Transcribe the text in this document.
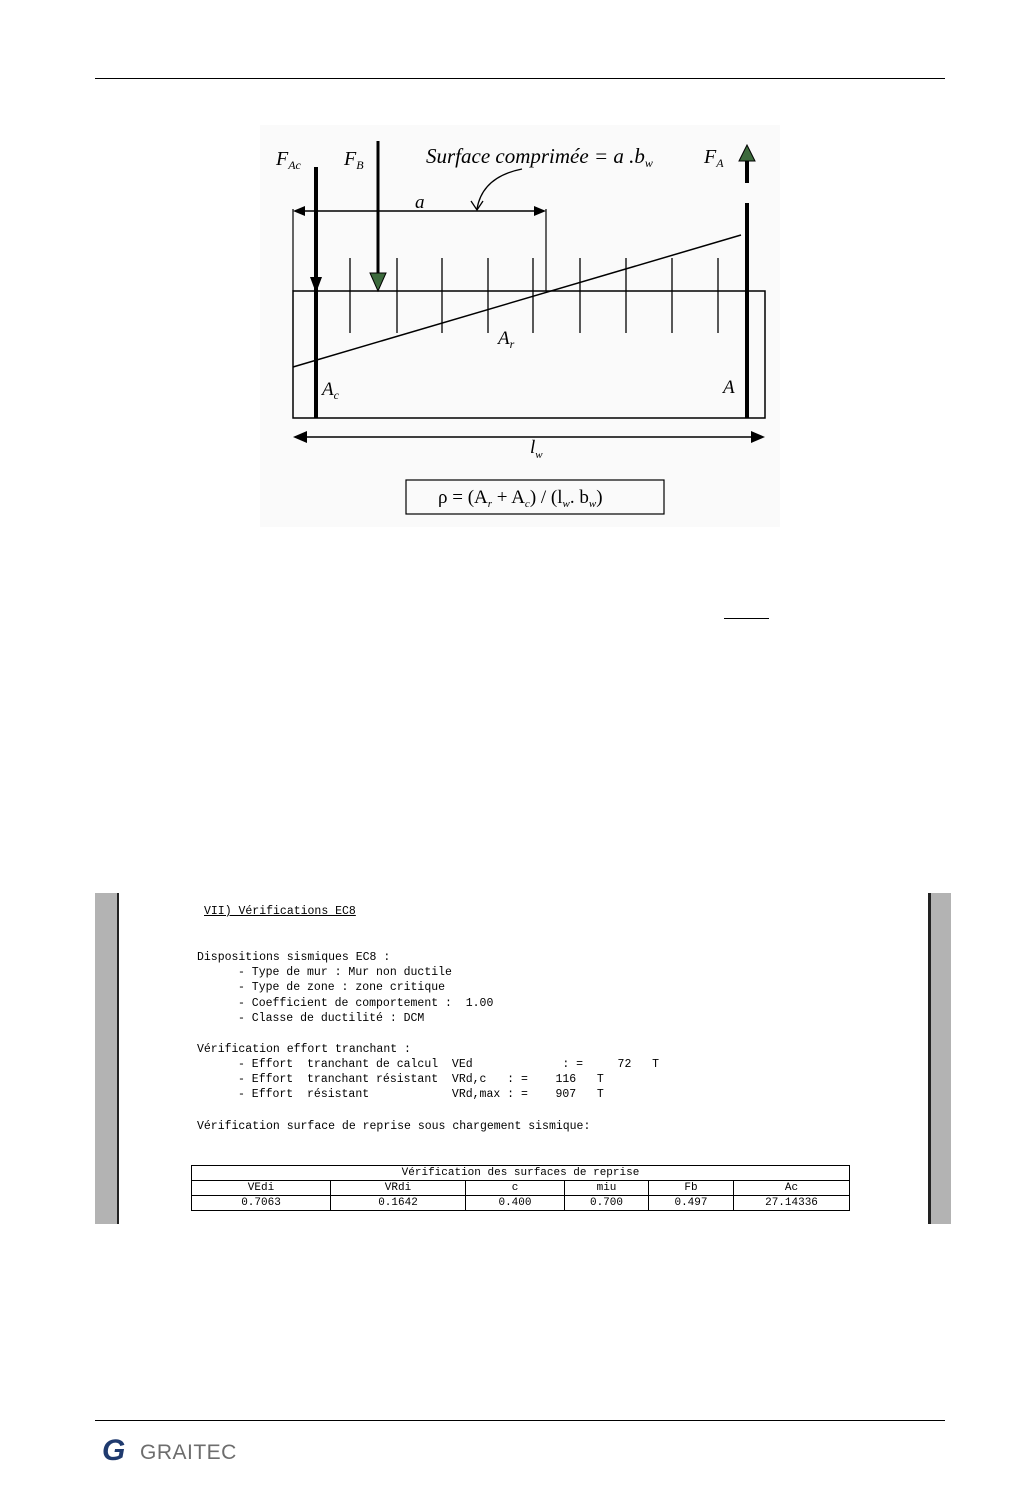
$F_{Ac}$ $F_B$	Surface comprimée = a .bw	$F_A$
a
$A_r$
$A_c$	A
$l_w$
$\rho = (A_r + A_c) / (l_w$. $b_w$)
VII) Vérifications EC8
Dispositions sismiques EC8 :
- Type de mur : Mur non ductile
- Type de zone : zone critique
- Coefficient de comportement :  1.00
- Classe de ductilité : DCM
Vérification effort tranchant :
- Effort  tranchant de calcul  VEd             : =     72   T
- Effort  tranchant résistant  VRd,c   : =    116   T
- Effort  résistant            VRd,max : =    907   T
Vérification surface de reprise sous chargement sismique:
Vérification des surfaces de reprise					
VEdi	VRdi	c	miu	Fb	Ac
0.7063	0.1642	0.400	0.700	0.497	27.14336
G GRAITEC
